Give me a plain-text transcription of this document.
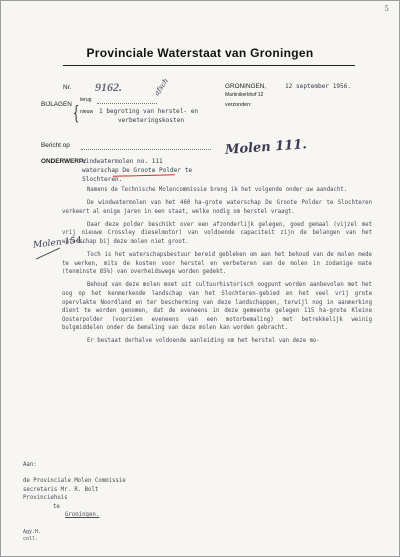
5
Provinciale Waterstaat van Groningen
Nr. 9162.	afsch	GRONINGEN,	12 september 1956.
Martinikerkhof 12
verzonden:
BIJLAGEN {
terug
nieuw 1 begroting van herstel- en
verbeteringskosten
Bericht op	Molen 111.
ONDERWERP:
Windwatermolen no. 111
waterschap De Groote Polder te
Slochteren.
Molen 154.

Namens de Technische Molencommissie breng ik het volgende onder uw aandacht.

De windwatermolen van het 460 ha-grote waterschap De Groote Polder te Slochteren verkeert al enige jaren in een staat, welke nodig om herstel vraagt.

Daar deze polder beschikt over een afzonderlijk gelegen, goed gemaal (vijzel met vrij nieuwe Crossley dieselmotor) van voldoende capaciteit zijn de belangen van het waterschap bij deze molen niet groot.

Toch is het waterschapsbestuur bereid gebleken om aan het behoud van de molen mede te werken, mits de kosten voor herstel en verbeteren van de molen in zodanige mate (tenminste 85%) van overheidswege worden gedekt.

Behoud van deze molen moet uit cultuurhistorisch oogpunt worden aanbevolen met het oog op het kenmerkende landschap van het Slochteren-gebied en het veel vrij grote opervlakte Noordland en ter bescherming van deze landschappen, terwijl nog in aanmerking dient te worden genomen, dat de eveneens in deze gemeente gelegen 115 ha-grote Kleine Oosterpolder (voorzien eveneens van een motorbemaling) met betrekkelijk weinig bulgmiddelen onder de bemaling van deze molen kan worden gebracht.

Er bestaat derhalve voldoende aanleiding om het herstel van deze mo-

Aan:
de Provinciale Molen Commissie
secretaris Mr. R. Bolt
Provinciehuis
te
Groningen.
Agy.H.
coll.
